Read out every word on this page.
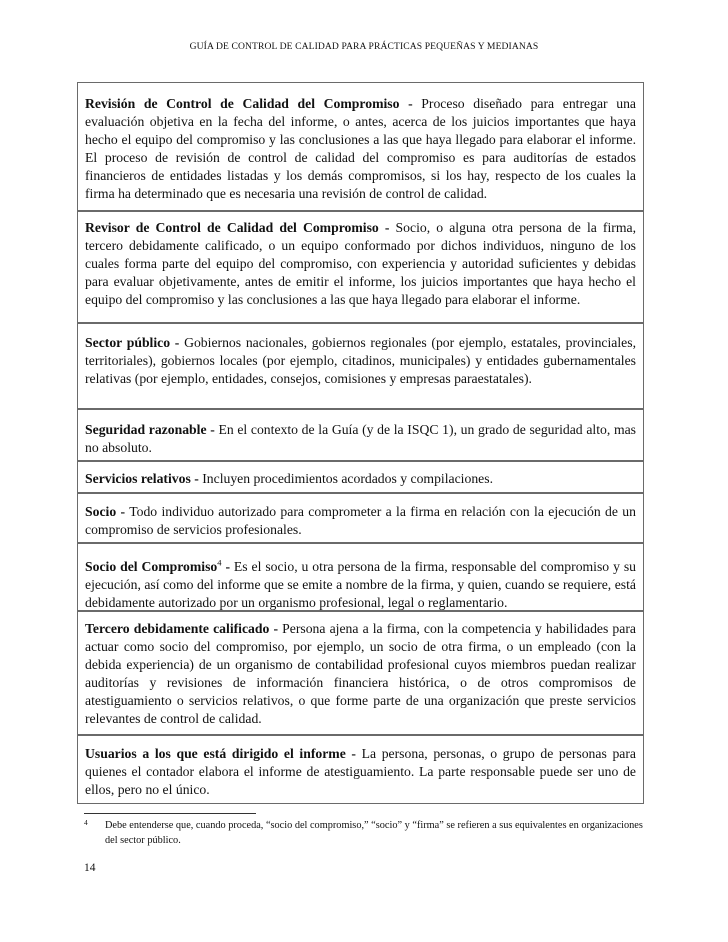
GUÍA DE CONTROL DE CALIDAD PARA PRÁCTICAS PEQUEÑAS Y MEDIANAS
Revisión de Control de Calidad del Compromiso - Proceso diseñado para entregar una evaluación objetiva en la fecha del informe, o antes, acerca de los juicios importantes que haya hecho el equipo del compromiso y las conclusiones a las que haya llegado para elaborar el informe. El proceso de revisión de control de calidad del compromiso es para auditorías de estados financieros de entidades listadas y los demás compromisos, si los hay, respecto de los cuales la firma ha determinado que es necesaria una revisión de control de calidad.
Revisor de Control de Calidad del Compromiso - Socio, o alguna otra persona de la firma, tercero debidamente calificado, o un equipo conformado por dichos individuos, ninguno de los cuales forma parte del equipo del compromiso, con experiencia y autoridad suficientes y debidas para evaluar objetivamente, antes de emitir el informe, los juicios importantes que haya hecho el equipo del compromiso y las conclusiones a las que haya llegado para elaborar el informe.
Sector público - Gobiernos nacionales, gobiernos regionales (por ejemplo, estatales, provinciales, territoriales), gobiernos locales (por ejemplo, citadinos, municipales) y entidades gubernamentales relativas (por ejemplo, entidades, consejos, comisiones y empresas paraestatales).
Seguridad razonable - En el contexto de la Guía (y de la ISQC 1), un grado de seguridad alto, mas no absoluto.
Servicios relativos - Incluyen procedimientos acordados y compilaciones.
Socio - Todo individuo autorizado para comprometer a la firma en relación con la ejecución de un compromiso de servicios profesionales.
Socio del Compromiso$^4$ - Es el socio, u otra persona de la firma, responsable del compromiso y su ejecución, así como del informe que se emite a nombre de la firma, y quien, cuando se requiere, está debidamente autorizado por un organismo profesional, legal o reglamentario.
Tercero debidamente calificado - Persona ajena a la firma, con la competencia y habilidades para actuar como socio del compromiso, por ejemplo, un socio de otra firma, o un empleado (con la debida experiencia) de un organismo de contabilidad profesional cuyos miembros puedan realizar auditorías y revisiones de información financiera histórica, o de otros compromisos de atestiguamiento o servicios relativos, o que forme parte de una organización que preste servicios relevantes de control de calidad.
Usuarios a los que está dirigido el informe - La persona, personas, o grupo de personas para quienes el contador elabora el informe de atestiguamiento. La parte responsable puede ser uno de ellos, pero no el único.
4 Debe entenderse que, cuando proceda, “socio del compromiso,” “socio” y “firma” se refieren a sus equivalentes en organizaciones del sector público.
14
